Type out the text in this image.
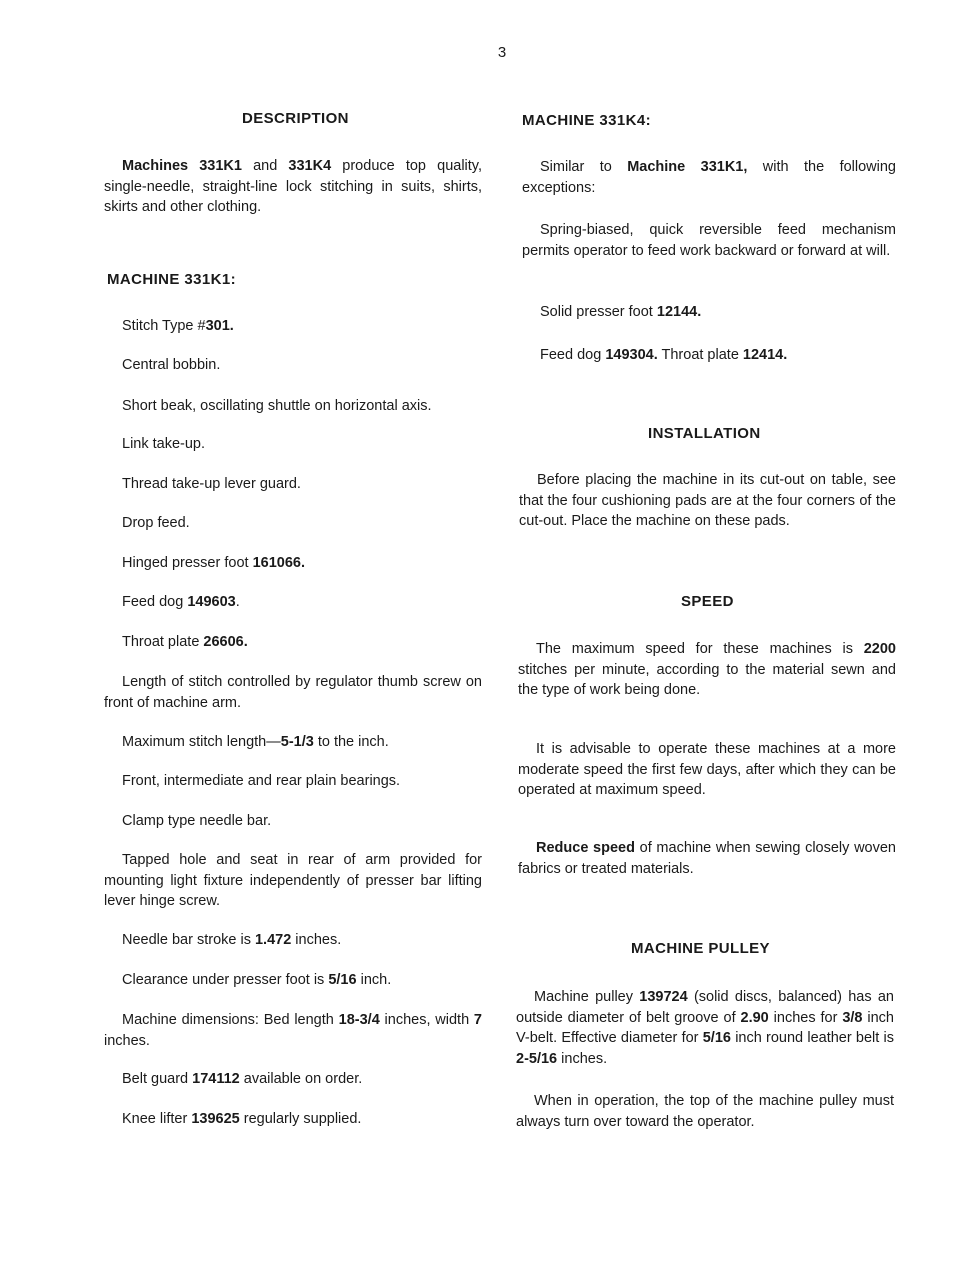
3
DESCRIPTION
Machines 331K1 and 331K4 produce top quality, single-needle, straight-line lock stitching in suits, shirts, skirts and other clothing.
MACHINE 331K1:
Stitch Type #301.
Central bobbin.
Short beak, oscillating shuttle on horizontal axis.
Link take-up.
Thread take-up lever guard.
Drop feed.
Hinged presser foot 161066.
Feed dog 149603.
Throat plate 26606.
Length of stitch controlled by regulator thumb screw on front of machine arm.
Maximum stitch length—5-1/3 to the inch.
Front, intermediate and rear plain bearings.
Clamp type needle bar.
Tapped hole and seat in rear of arm provided for mounting light fixture independently of presser bar lifting lever hinge screw.
Needle bar stroke is 1.472 inches.
Clearance under presser foot is 5/16 inch.
Machine dimensions: Bed length 18-3/4 inches, width 7 inches.
Belt guard 174112 available on order.
Knee lifter 139625 regularly supplied.
MACHINE 331K4:
Similar to Machine 331K1, with the following exceptions:
Spring-biased, quick reversible feed mechanism permits operator to feed work backward or forward at will.
Solid presser foot 12144.
Feed dog 149304. Throat plate 12414.
INSTALLATION
Before placing the machine in its cut-out on table, see that the four cushioning pads are at the four corners of the cut-out. Place the machine on these pads.
SPEED
The maximum speed for these machines is 2200 stitches per minute, according to the material sewn and the type of work being done.
It is advisable to operate these machines at a more moderate speed the first few days, after which they can be operated at maximum speed.
Reduce speed of machine when sewing closely woven fabrics or treated materials.
MACHINE PULLEY
Machine pulley 139724 (solid discs, balanced) has an outside diameter of belt groove of 2.90 inches for 3/8 inch V-belt. Effective diameter for 5/16 inch round leather belt is 2-5/16 inches.
When in operation, the top of the machine pulley must always turn over toward the operator.
